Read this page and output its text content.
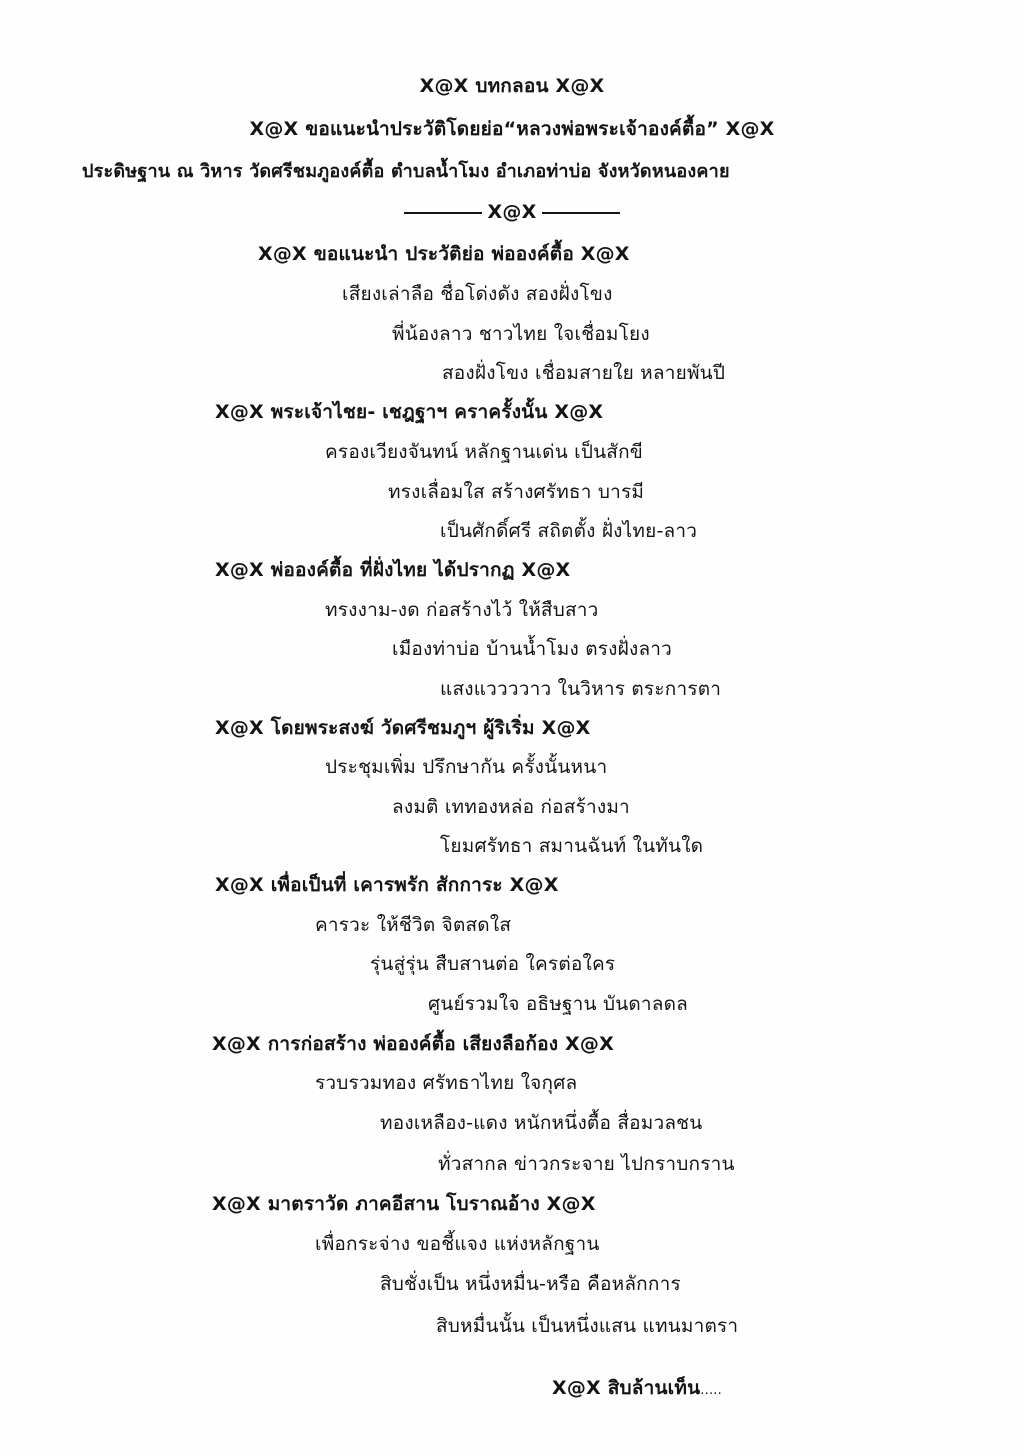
X@X บทกลอน X@X
X@X ขอแนะนำประวัติโดยย่อ“หลวงพ่อพระเจ้าองค์ตื้อ” X@X
ประดิษฐาน ณ วิหาร วัดศรีชมภูองค์ตื้อ ตำบลน้ำโมง อำเภอท่าบ่อ จังหวัดหนองคาย
X@X
X@X ขอแนะนำ ประวัติย่อ พ่อองค์ตื้อ X@X
เสียงเล่าลือ ชื่อโด่งดัง สองฝั่งโขง
พี่น้องลาว ชาวไทย ใจเชื่อมโยง
สองฝั่งโขง เชื่อมสายใย หลายพันปี
X@X พระเจ้าไชย- เชฎฐาฯ คราครั้งนั้น X@X
ครองเวียงจันทน์ หลักฐานเด่น เป็นสักขี
ทรงเลื่อมใส สร้างศรัทธา บารมี
เป็นศักดิ์ศรี สถิตตั้ง ฝั่งไทย-ลาว
X@X พ่อองค์ตื้อ ที่ฝั่งไทย ได้ปรากฏ X@X
ทรงงาม-งด ก่อสร้างไว้ ให้สืบสาว
เมืองท่าบ่อ บ้านน้ำโมง ตรงฝั่งลาว
แสงแววววาว ในวิหาร ตระการตา
X@X โดยพระสงฆ์ วัดศรีชมภูฯ ผู้ริเริ่ม X@X
ประชุมเพิ่ม ปรึกษากัน ครั้งนั้นหนา
ลงมติ เททองหล่อ ก่อสร้างมา
โยมศรัทธา สมานฉันท์ ในทันใด
X@X เพื่อเป็นที่ เคารพรัก สักการะ X@X
คารวะ ให้ชีวิต จิตสดใส
รุ่นสู่รุ่น สืบสานต่อ ใครต่อใคร
ศูนย์รวมใจ อธิษฐาน บันดาลดล
X@X การก่อสร้าง พ่อองค์ตื้อ เสียงลือก้อง X@X
รวบรวมทอง ศรัทธาไทย ใจกุศล
ทองเหลือง-แดง หนักหนึ่งตื้อ สื่อมวลชน
ทั่วสากล ข่าวกระจาย ไปกราบกราน
X@X มาตราวัด ภาคอีสาน โบราณอ้าง X@X
เพื่อกระจ่าง ขอชี้แจง แห่งหลักฐาน
สิบชั่งเป็น หนึ่งหมื่น-หรือ คือหลักการ
สิบหมื่นนั้น เป็นหนึ่งแสน แทนมาตรา
X@X สิบล้านเท็น.....
